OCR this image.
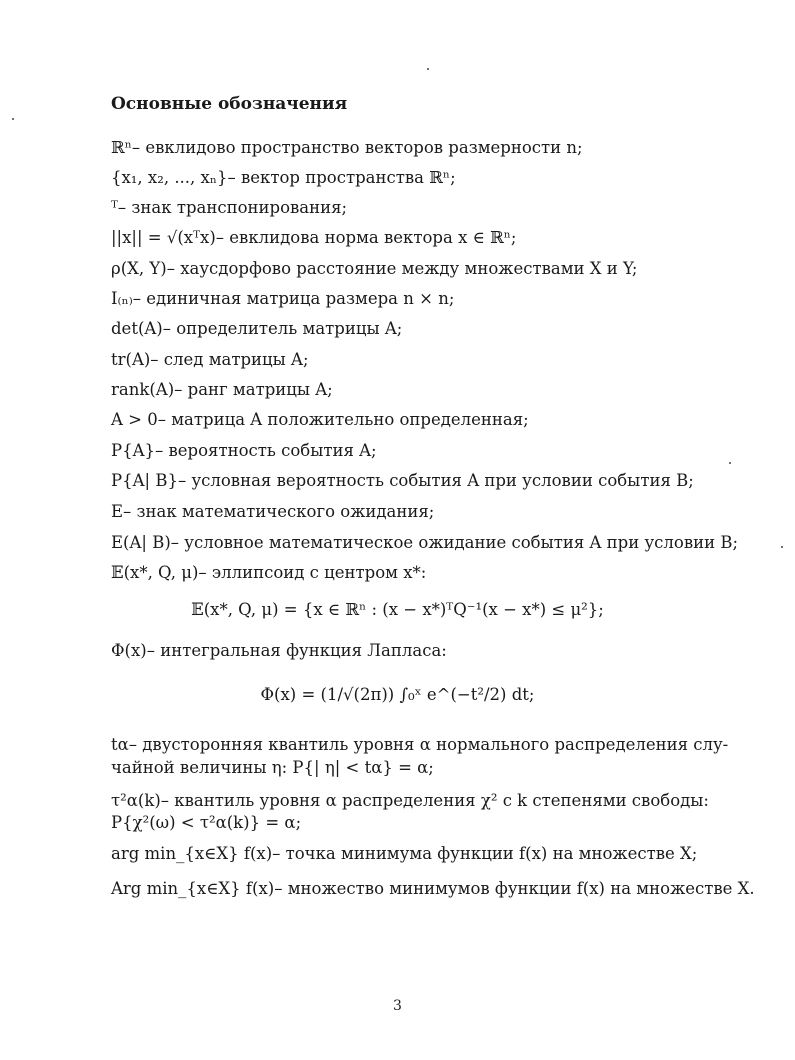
Основные обозначения
ℝⁿ– евклидово пространство векторов размерности n;
{x₁, x₂, ..., xₙ}– вектор пространства ℝⁿ;
ᵀ– знак транспонирования;
||x|| = √(xᵀx)– евклидова норма вектора x ∈ ℝⁿ;
ρ(X, Y)– хаусдорфово расстояние между множествами X и Y;
I₍ₙ₎– единичная матрица размера n × n;
det(A)– определитель матрицы A;
tr(A)– след матрицы A;
rank(A)– ранг матрицы A;
A > 0– матрица A положительно определенная;
P{A}– вероятность события A;
P{A| B}– условная вероятность события A при условии события B;
E– знак математического ожидания;
E(A| B)– условное математическое ожидание события A при условии B;
𝔼(x*, Q, μ)– эллипсоид с центром x*:
𝔼(x*, Q, μ) = {x ∈ ℝⁿ : (x − x*)ᵀQ⁻¹(x − x*) ≤ μ²};
Φ(x)– интегральная функция Лапласа:
Φ(x) = (1/√(2π)) ∫₀ˣ e^(−t²/2) dt;
tα– двусторонняя квантиль уровня α нормального распределения слу-
чайной величины η: P{| η| < tα} = α;
τ²α(k)– квантиль уровня α распределения χ² с k степенями свободы:
P{χ²(ω) < τ²α(k)} = α;
arg min_{x∈X} f(x)– точка минимума функции f(x) на множестве X;
Arg min_{x∈X} f(x)– множество минимумов функции f(x) на множестве X.
3
